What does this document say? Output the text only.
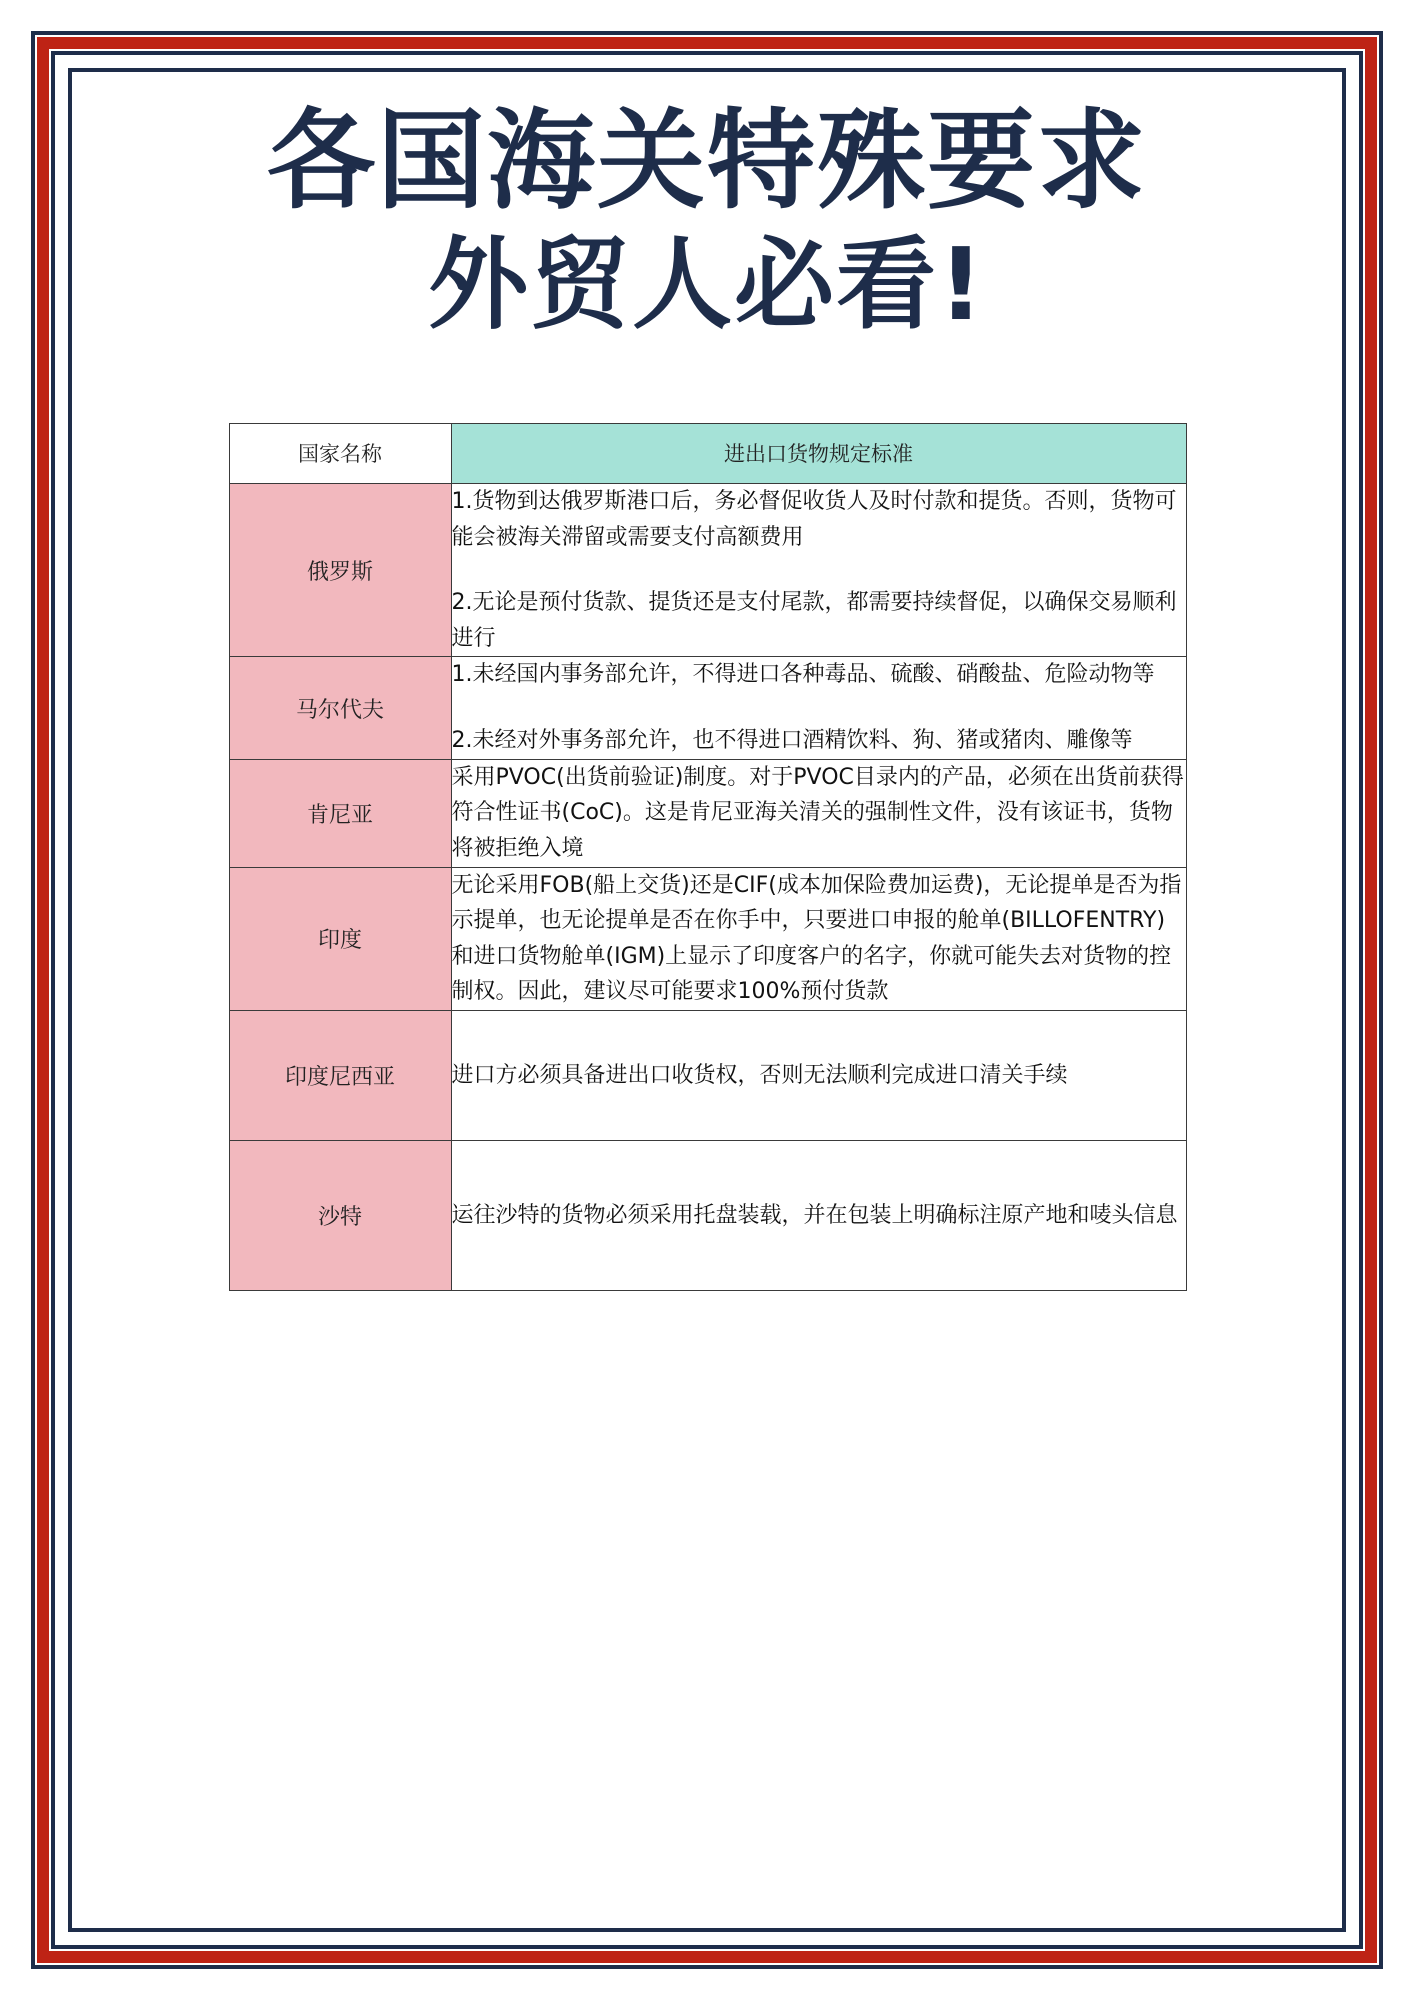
各国海关特殊要求
外贸人必看!
国家名称	进出口货物规定标准
俄罗斯	1.货物到达俄罗斯港口后，务必督促收货人及时付款和提货。否则，货物可能会被海关滞留或需要支付高额费用

2.无论是预付货款、提货还是支付尾款，都需要持续督促，以确保交易顺利进行

马尔代夫	1.未经国内事务部允许，不得进口各种毒品、硫酸、硝酸盐、危险动物等

2.未经对外事务部允许，也不得进口酒精饮料、狗、猪或猪肉、雕像等

肯尼亚	采用PVOC(出货前验证)制度。对于PVOC目录内的产品，必须在出货前获得符合性证书(CoC)。这是肯尼亚海关清关的强制性文件，没有该证书，货物将被拒绝入境

印度	无论采用FOB(船上交货)还是CIF(成本加保险费加运费)，无论提单是否为指示提单，也无论提单是否在你手中，只要进口申报的舱单(BILLOFENTRY)和进口货物舱单(IGM)上显示了印度客户的名字，你就可能失去对货物的控制权。因此，建议尽可能要求100%预付货款

印度尼西亚	进口方必须具备进出口收货权，否则无法顺利完成进口清关手续

沙特	运往沙特的货物必须采用托盘装载，并在包装上明确标注原产地和唛头信息
